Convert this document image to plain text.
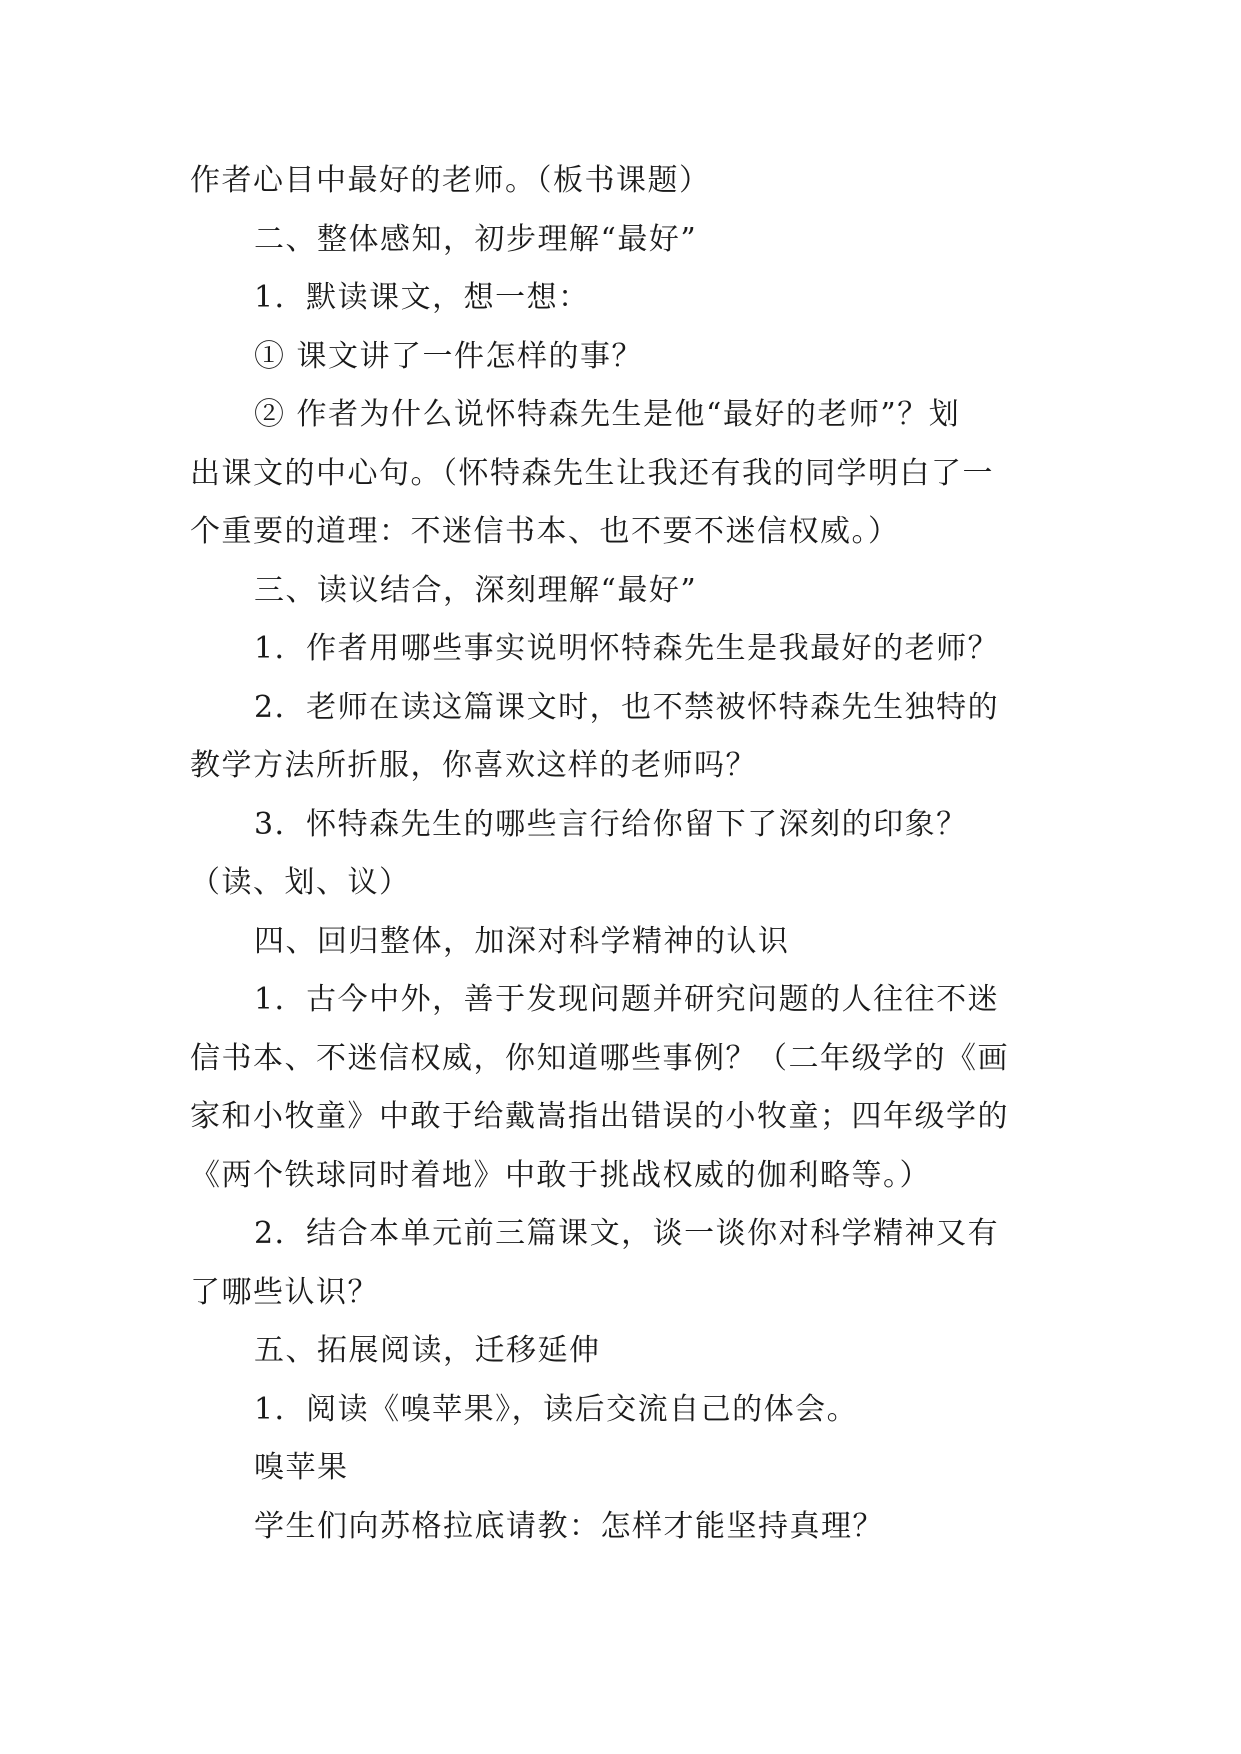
作者心目中最好的老师。（板书课题）
二、整体感知，初步理解“最好”
1．默读课文，想一想：
① 课文讲了一件怎样的事？
② 作者为什么说怀特森先生是他“最好的老师”？划
出课文的中心句。（怀特森先生让我还有我的同学明白了一
个重要的道理：不迷信书本、也不要不迷信权威。）
三、读议结合，深刻理解“最好”
1．作者用哪些事实说明怀特森先生是我最好的老师？
2．老师在读这篇课文时，也不禁被怀特森先生独特的
教学方法所折服，你喜欢这样的老师吗？
3．怀特森先生的哪些言行给你留下了深刻的印象？
（读、划、议）
四、回归整体，加深对科学精神的认识
1．古今中外，善于发现问题并研究问题的人往往不迷
信书本、不迷信权威，你知道哪些事例？（二年级学的《画
家和小牧童》中敢于给戴嵩指出错误的小牧童；四年级学的
《两个铁球同时着地》中敢于挑战权威的伽利略等。）
2．结合本单元前三篇课文，谈一谈你对科学精神又有
了哪些认识？
五、拓展阅读，迁移延伸
1．阅读《嗅苹果》，读后交流自己的体会。
嗅苹果
学生们向苏格拉底请教：怎样才能坚持真理？
